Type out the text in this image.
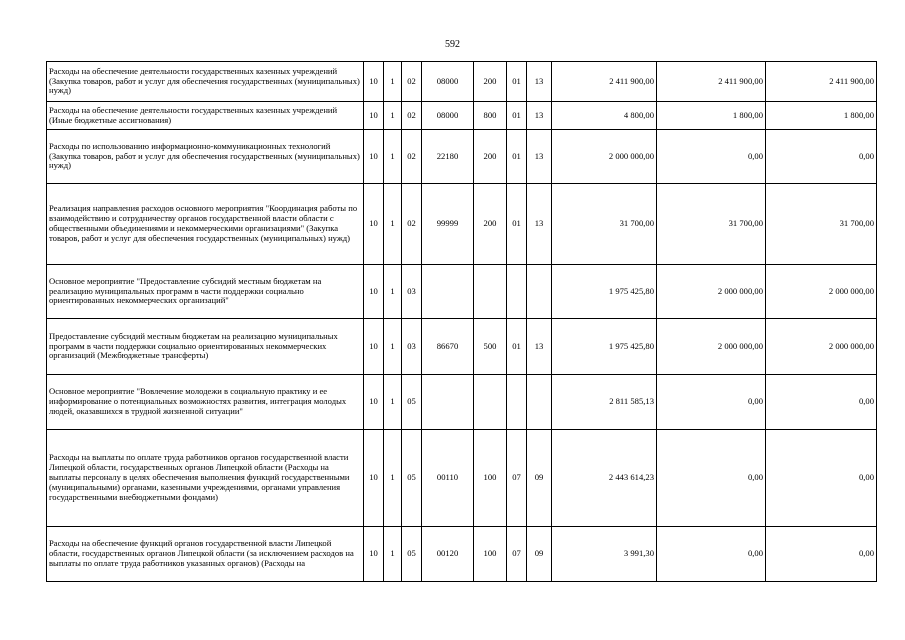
592
Расходы на обеспечение деятельности государственных казенных учреждений (Закупка товаров, работ и услуг для обеспечения государственных (муниципальных) нужд)	10	1	02	08000	200	01	13	2 411 900,00	2 411 900,00	2 411 900,00
Расходы на обеспечение деятельности государственных казенных учреждений (Иные бюджетные ассигнования)	10	1	02	08000	800	01	13	4 800,00	1 800,00	1 800,00
Расходы по использованию информационно-коммуникационных технологий (Закупка товаров, работ и услуг для обеспечения государственных (муниципальных) нужд)	10	1	02	22180	200	01	13	2 000 000,00	0,00	0,00
Реализация направления расходов основного мероприятия "Координация работы по взаимодействию и сотрудничеству органов государственной власти области с общественными объединениями и некоммерческими организациями" (Закупка товаров, работ и услуг для обеспечения государственных (муниципальных) нужд)	10	1	02	99999	200	01	13	31 700,00	31 700,00	31 700,00
Основное мероприятие "Предоставление субсидий местным бюджетам на реализацию муниципальных программ в части поддержки социально ориентированных некоммерческих организаций"	10	1	03					1 975 425,80	2 000 000,00	2 000 000,00
Предоставление субсидий местным бюджетам на реализацию муниципальных программ в части поддержки социально ориентированных некоммерческих организаций (Межбюджетные трансферты)	10	1	03	86670	500	01	13	1 975 425,80	2 000 000,00	2 000 000,00
Основное мероприятие "Вовлечение молодежи в социальную практику и ее информирование о потенциальных возможностях развития, интеграция молодых людей, оказавшихся в трудной жизненной ситуации"	10	1	05					2 811 585,13	0,00	0,00
Расходы на выплаты по оплате труда работников органов государственной власти Липецкой области, государственных органов Липецкой области (Расходы на выплаты персоналу в целях обеспечения выполнения функций государственными (муниципальными) органами, казенными учреждениями, органами управления государственными внебюджетными фондами)	10	1	05	00110	100	07	09	2 443 614,23	0,00	0,00
Расходы на обеспечение функций органов государственной власти Липецкой области, государственных органов Липецкой области (за исключением расходов на выплаты по оплате труда работников указанных органов) (Расходы на	10	1	05	00120	100	07	09	3 991,30	0,00	0,00
